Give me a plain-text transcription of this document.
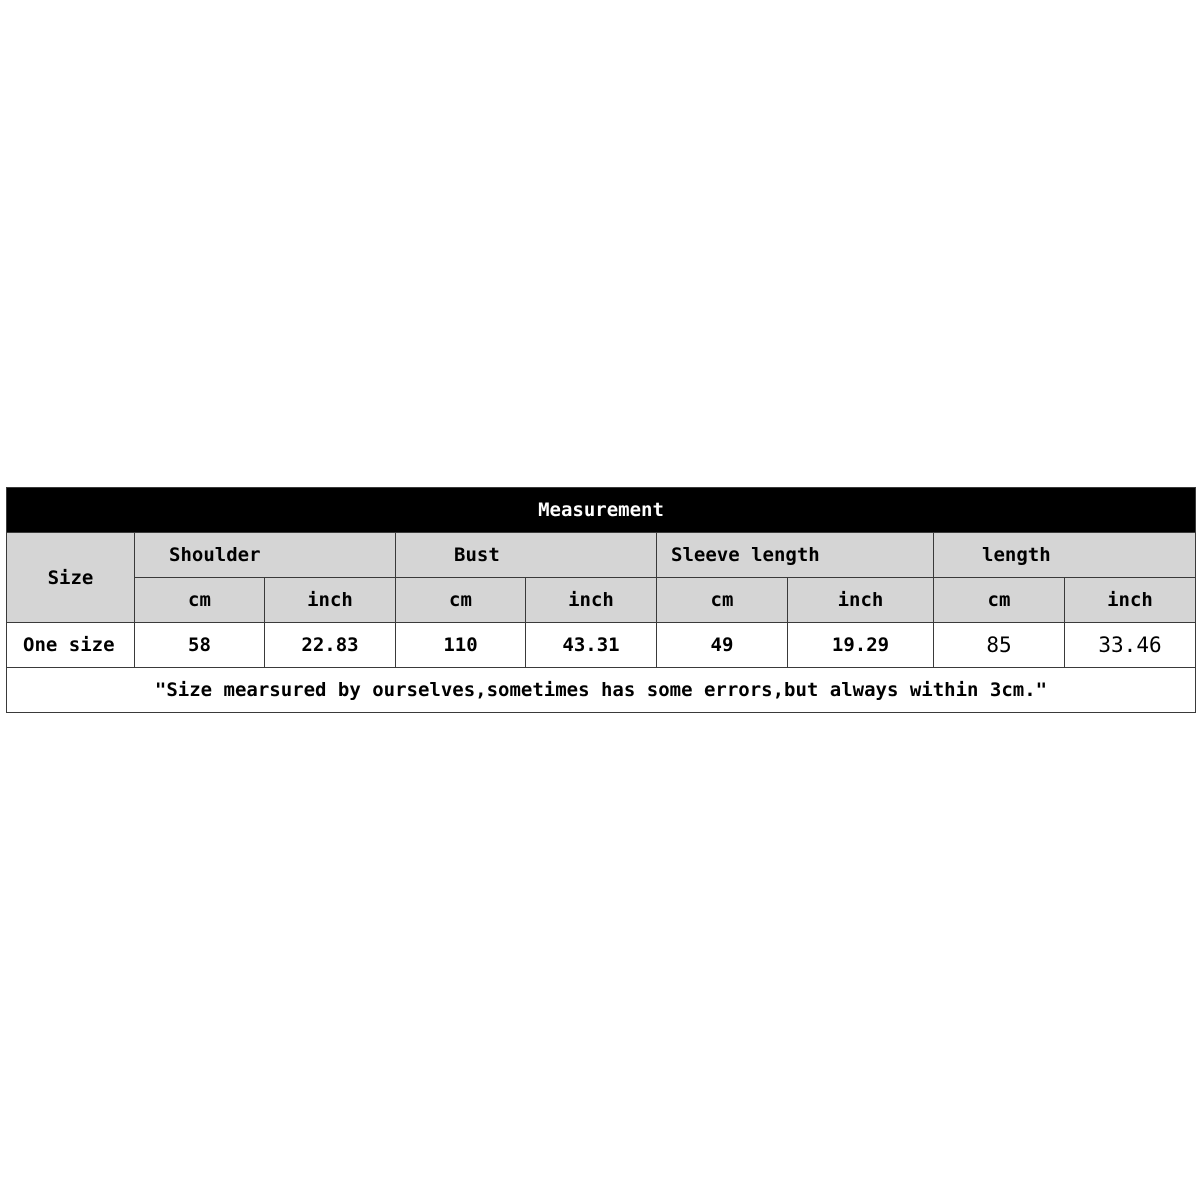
Measurement								
Size	Shoulder		Bust		Sleeve length		length	
	cm	inch	cm	inch	cm	inch	cm	inch
One size	58	22.83	110	43.31	49	19.29	85	33.46
"Size mearsured by ourselves,sometimes has some errors,but always within 3cm."								
